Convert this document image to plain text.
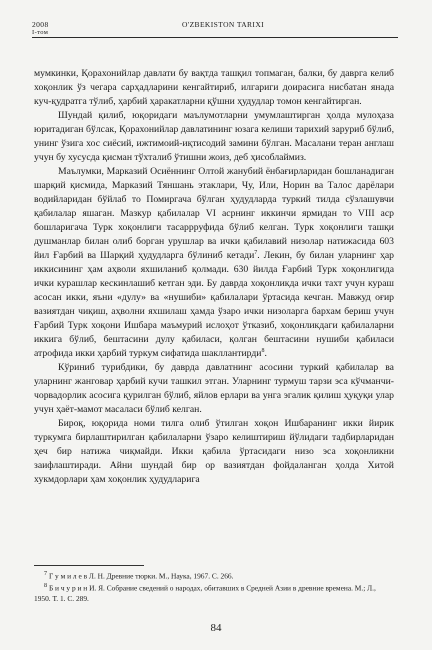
2008
I-том
O'ZBEKISTON TARIXI

мумкинки, Қорахонийлар давлати бу вақтда ташқил топмаган, балки, бу даврга келиб хоқонлик ўз чегара сарҳадларини кенгайтириб, илгариги доирасига нисбатан янада куч-қудратга тўлиб, ҳарбий ҳаракатларни қўшни ҳудудлар томон кенгайтирган.

Шундай қилиб, юқоридаги маълумотларни умумлаштирган ҳолда мулоҳаза юритадиган бўлсак, Қорахонийлар давлатининг юзага келиши тарихий заруриб бўлиб, унинг ўзига хос сиёсий, ижтимоий-иқтисодий замини бўлган. Масалани теран англаш учун бу хусусда қисман тўхталиб ўтишни жоиз, деб ҳисоблаймиз.

Маълумки, Марказий Осиённинг Олтой жанубий ёнбағирларидан бошланадиган шарқий қисмида, Марказий Тяншань этаклари, Чу, Или, Норин ва Талос дарёлари водийларидан бўйлаб то Помиргача бўлган ҳудудларда туркий тилда сўзлашувчи қабилалар яшаган. Мазкур қабилалар VI асрнинг иккинчи ярмидан то VIII аср бошларигача Турк хоқонлиги тасаррруфида бўлиб келган. Турк хоқонлиги ташқи душманлар билан олиб борган урушлар ва ички қабилавий низолар натижасида 603 йил Ғарбий ва Шарқий ҳудудларга бўлиниб кетади$^7$. Лекин, бу билан уларнинг ҳар иккисининг ҳам аҳволи яхшиланиб қолмади. 630 йилда Ғарбий Турк хоқонлигида ички курашлар кескинлашиб кетган эди. Бу даврда хоқонликда ички тахт учун кураш асосан икки, яъни «дулу» ва «нушиби» қабилалари ўртасида кечган. Мавжуд оғир вазиятдан чиқиш, аҳволни яхшилаш ҳамда ўзаро ички низоларга бархам бериш учун Ғарбий Турк хоқони Ишбара маъмурий ислоҳот ўтказиб, хоқонликдаги қабилаларни иккига бўлиб, бештасини дулу қабиласи, қолган бештасини нушиби қабиласи атрофида икки ҳарбий туркум сифатида шакллантирди$^8$.

Кўриниб турибдики, бу даврда давлатнинг асосини туркий қабилалар ва уларнинг жанговар ҳарбий кучи ташкил этган. Уларнинг турмуш тарзи эса кўчманчи-чорвадорлик асосига қурилган бўлиб, яйлов ерлари ва унга эгалик қилиш ҳуқуқи улар учун ҳаёт-мамот масаласи бўлиб келган.

Бироқ, юқорида номи тилга олиб ўтилган хоқон Ишбаранинг икки йирик туркумга бирлаштирилган қабилаларни ўзаро келиштириш йўлидаги тадбирларидан ҳеч бир натижа чиқмайди. Икки қабила ўртасидаги низо эса хоқонликни заифлаштиради. Айни шундай бир ор вазиятдан фойдаланган ҳолда Хитой хукмдорлари ҳам хоқонлик ҳудудларига

$^7$ Г у м и л е в Л. Н. Древние тюрки. М., Наука, 1967. С. 266.

$^8$ Б и ч у р и н И. Я. Собрание сведений о народах, обитавших в Средней Азии в древние времена. М.; Л., 1950. Т. 1. С. 289.

84
